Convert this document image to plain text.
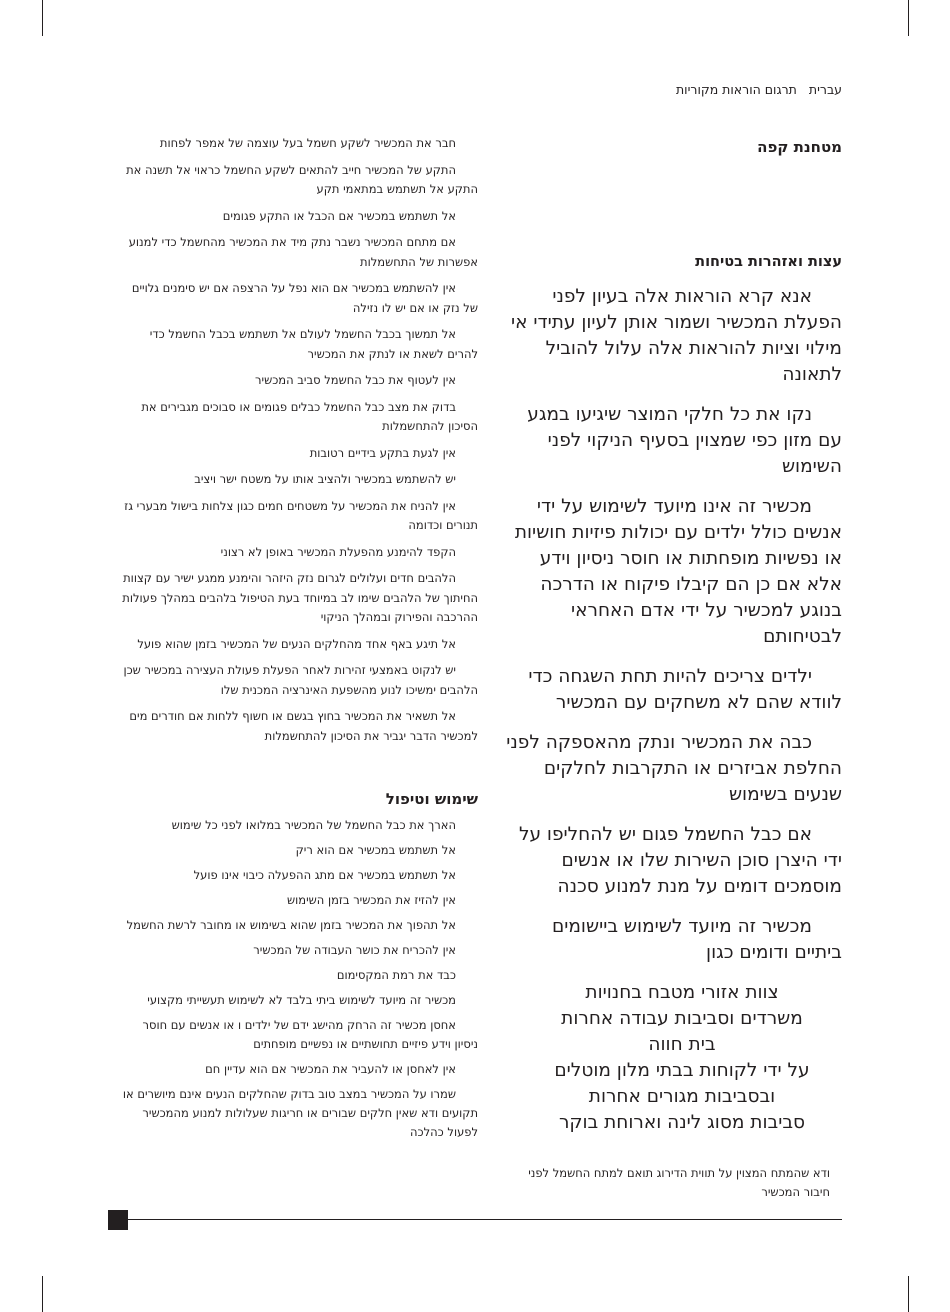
עברית תרגום הוראות מקוריות
מטחנת קפה
עצות ואזהרות בטיחות

אנא קרא הוראות אלה בעיון לפני הפעלת המכשיר ושמור אותן לעיון עתידי אי מילוי וציות להוראות אלה עלול להוביל לתאונה

נקו את כל חלקי המוצר שיגיעו במגע עם מזון כפי שמצוין בסעיף הניקוי לפני השימוש

מכשיר זה אינו מיועד לשימוש על ידי אנשים כולל ילדים עם יכולות פיזיות חושיות או נפשיות מופחתות או חוסר ניסיון וידע אלא אם כן הם קיבלו פיקוח או הדרכה בנוגע למכשיר על ידי אדם האחראי לבטיחותם

ילדים צריכים להיות תחת השגחה כדי לוודא שהם לא משחקים עם המכשיר

כבה את המכשיר ונתק מהאספקה לפני החלפת אביזרים או התקרבות לחלקים שנעים בשימוש

אם כבל החשמל פגום יש להחליפו על ידי היצרן סוכן השירות שלו או אנשים מוסמכים דומים על מנת למנוע סכנה

מכשיר זה מיועד לשימוש ביישומים ביתיים ודומים כגון

צוות אזורי מטבח בחנויות משרדים וסביבות עבודה אחרות
בית חווה
על ידי לקוחות בבתי מלון מוטלים ובסביבות מגורים אחרות
סביבות מסוג לינה וארוחת בוקר

ודא שהמתח המצוין על תווית הדירוג תואם למתח החשמל לפני חיבור המכשיר

חבר את המכשיר לשקע חשמל בעל עוצמה של אמפר לפחות

התקע של המכשיר חייב להתאים לשקע החשמל כראוי אל תשנה את התקע אל תשתמש במתאמי תקע

אל תשתמש במכשיר אם הכבל או התקע פגומים

אם מתחם המכשיר נשבר נתק מיד את המכשיר מהחשמל כדי למנוע אפשרות של התחשמלות

אין להשתמש במכשיר אם הוא נפל על הרצפה אם יש סימנים גלויים של נזק או אם יש לו נזילה

אל תמשוך בכבל החשמל לעולם אל תשתמש בכבל החשמל כדי להרים לשאת או לנתק את המכשיר

אין לעטוף את כבל החשמל סביב המכשיר

בדוק את מצב כבל החשמל כבלים פגומים או סבוכים מגבירים את הסיכון להתחשמלות

אין לגעת בתקע בידיים רטובות

יש להשתמש במכשיר ולהציב אותו על משטח ישר ויציב

אין להניח את המכשיר על משטחים חמים כגון צלחות בישול מבערי גז תנורים וכדומה

הקפד להימנע מהפעלת המכשיר באופן לא רצוני

הלהבים חדים ועלולים לגרום נזק היזהר והימנע ממגע ישיר עם קצוות החיתוך של הלהבים שימו לב במיוחד בעת הטיפול בלהבים במהלך פעולות ההרכבה והפירוק ובמהלך הניקוי

אל תיגע באף אחד מהחלקים הנעים של המכשיר בזמן שהוא פועל

יש לנקוט באמצעי זהירות לאחר הפעלת פעולת העצירה במכשיר שכן הלהבים ימשיכו לנוע מהשפעת האינרציה המכנית שלו

אל תשאיר את המכשיר בחוץ בגשם או חשוף ללחות אם חודרים מים למכשיר הדבר יגביר את הסיכון להתחשמלות

שימוש וטיפול

הארך את כבל החשמל של המכשיר במלואו לפני כל שימוש

אל תשתמש במכשיר אם הוא ריק

אל תשתמש במכשיר אם מתג ההפעלה כיבוי אינו פועל

אין להזיז את המכשיר בזמן השימוש

אל תהפוך את המכשיר בזמן שהוא בשימוש או מחובר לרשת החשמל

אין להכריח את כושר העבודה של המכשיר

כבד את רמת המקסימום

מכשיר זה מיועד לשימוש ביתי בלבד לא לשימוש תעשייתי מקצועי

אחסן מכשיר זה הרחק מהישג ידם של ילדים ו או אנשים עם חוסר ניסיון וידע פיזיים תחושתיים או נפשיים מופחתים

אין לאחסן או להעביר את המכשיר אם הוא עדיין חם

שמרו על המכשיר במצב טוב בדוק שהחלקים הנעים אינם מיושרים או תקועים ודא שאין חלקים שבורים או חריגות שעלולות למנוע מהמכשיר לפעול כהלכה
